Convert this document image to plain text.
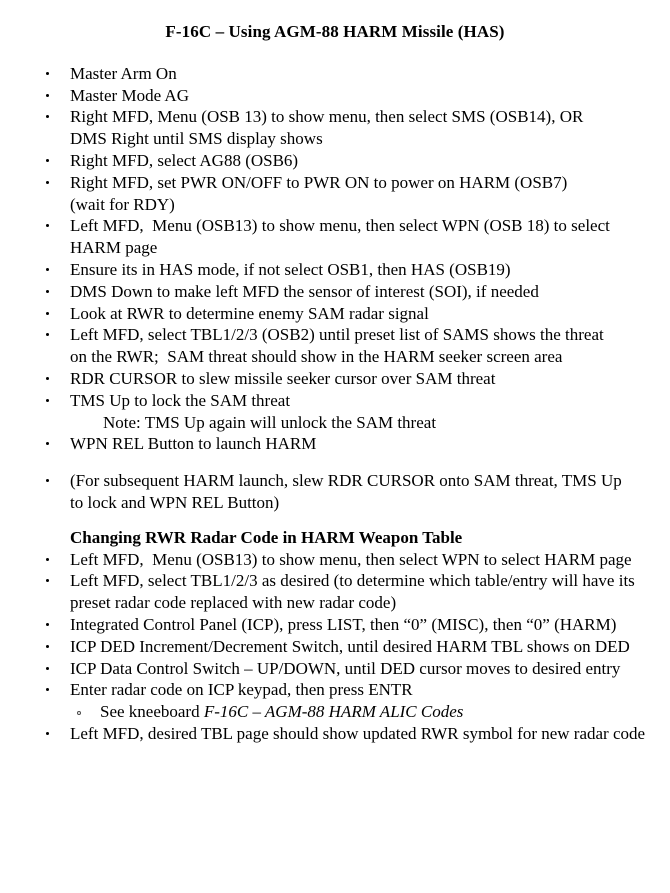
F-16C – Using AGM-88 HARM Missile (HAS)
Master Arm On
Master Mode AG
Right MFD, Menu (OSB 13) to show menu, then select SMS (OSB14), OR
DMS Right until SMS display shows
Right MFD, select AG88 (OSB6)
Right MFD, set PWR ON/OFF to PWR ON to power on HARM (OSB7)
(wait for RDY)
Left MFD,  Menu (OSB13) to show menu, then select WPN (OSB 18) to select
HARM page
Ensure its in HAS mode, if not select OSB1, then HAS (OSB19)
DMS Down to make left MFD the sensor of interest (SOI), if needed
Look at RWR to determine enemy SAM radar signal
Left MFD, select TBL1/2/3 (OSB2) until preset list of SAMS shows the threat
on the RWR;  SAM threat should show in the HARM seeker screen area
RDR CURSOR to slew missile seeker cursor over SAM threat
TMS Up to lock the SAM threat
Note: TMS Up again will unlock the SAM threat
WPN REL Button to launch HARM
(For subsequent HARM launch, slew RDR CURSOR onto SAM threat, TMS Up
to lock and WPN REL Button)
Changing RWR Radar Code in HARM Weapon Table
Left MFD,  Menu (OSB13) to show menu, then select WPN to select HARM page
Left MFD, select TBL1/2/3 as desired (to determine which table/entry will have its
preset radar code replaced with new radar code)
Integrated Control Panel (ICP), press LIST, then “0” (MISC), then “0” (HARM)
ICP DED Increment/Decrement Switch, until desired HARM TBL shows on DED
ICP Data Control Switch – UP/DOWN, until DED cursor moves to desired entry
Enter radar code on ICP keypad, then press ENTR
See kneeboard F-16C – AGM-88 HARM ALIC Codes
Left MFD, desired TBL page should show updated RWR symbol for new radar code
